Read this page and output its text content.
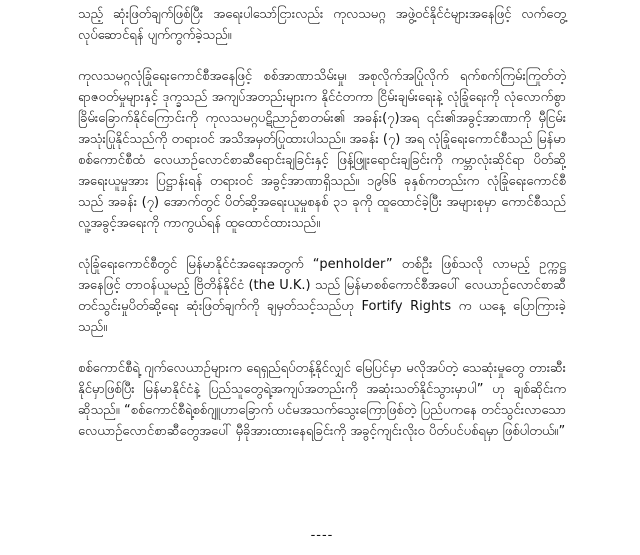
သည့် ဆုံးဖြတ်ချက်ဖြစ်ပြီး အရေးပါသော်ငြားလည်း ကုလသမဂ္ဂ အဖွဲ့ဝင်နိုင်ငံများအနေဖြင့် လက်တွေ့လုပ်ဆောင်ရန် ပျက်ကွက်ခဲ့သည်။

ကုလသမဂ္ဂလုံခြုံရေးကောင်စီအနေဖြင့် စစ်အာဏာသိမ်းမှု၊ အစုလိုက်အပြုံလိုက် ရက်စက်ကြမ်းကြုတ်တဲ့ ရာဇဝတ်မှုများနှင့် ဒုက္ခသည် အကျပ်အတည်းများက နိုင်ငံတကာ ငြိမ်းချမ်းရေးနဲ့ လုံခြုံရေးကို လုံလောက်စွာ ခြိမ်းခြောက်နိုင်ကြောင်းကို ကုလသမဂ္ဂပဋိညာဉ်စာတမ်း၏ အခန်း(၇)အရ ၎င်း၏အခွင့်အာဏာကို မှီငြမ်းအသုံးပြုနိုင်သည်ကို တရားဝင် အသိအမှတ်ပြုထားပါသည်။ အခန်း (၇) အရ လုံခြုံရေးကောင်စီသည် မြန်မာစစ်ကောင်စီထံ လေယာဉ်လောင်စာဆီရောင်းချခြင်းနှင့် ဖြန့်ဖြူးရောင်းချခြင်းကို ကမ္ဘာလုံးဆိုင်ရာ ပိတ်ဆို့အရေးယူမှုအား ပြဋ္ဌာန်းရန် တရားဝင် အခွင့်အာဏာရှိသည်။ ၁၉၆၆ ခုနှစ်ကတည်းက လုံခြုံရေးကောင်စီသည် အခန်း (၇) အောက်တွင် ပိတ်ဆို့အရေးယူမှုစနစ် ၃၁ ခုကို ထူထောင်ခဲ့ပြီး အများစုမှာ ကောင်စီသည် လူ့အခွင့်အရေးကို ကာကွယ်ရန် ထူထောင်ထားသည်။

လုံခြုံရေးကောင်စီတွင် မြန်မာနိုင်ငံအရေးအတွက် “penholder” တစ်ဦး ဖြစ်သလို လာမည့် ဥက္ကဋ္ဌအနေဖြင့် တာဝန်ယူမည့် ဗြိတိန်နိုင်ငံ (the U.K.) သည် မြန်မာစစ်ကောင်စီအပေါ် လေယာဉ်လောင်စာဆီတင်သွင်းမှုပိတ်ဆို့ရေး ဆုံးဖြတ်ချက်ကို ချမှတ်သင့်သည်ဟု Fortify Rights က ယနေ့ ပြောကြားခဲ့သည်။

စစ်ကောင်စီရဲ့ ဂျက်လေယာဉ်များက ရေရှည်ရပ်တန့်နိုင်လျှင် မြေပြင်မှာ မလိုအပ်တဲ့ သေဆုံးမှုတွေ တားဆီးနိုင်မှာဖြစ်ပြီး မြန်မာနိုင်ငံနဲ့ ပြည်သူတွေရဲ့အကျပ်အတည်းကို အဆုံးသတ်နိုင်သွားမှာပါ” ဟု ချစ်ဆိုင်းက ဆိုသည်။ “စစ်ကောင်စီရဲ့စစ်ဂျူဟာခြောက် ပင်မအသက်သွေးကြောဖြစ်တဲ့ ပြည်ပကနေ တင်သွင်းလာသော လေယာဉ်လောင်စာဆီတွေအပေါ် မှီခိုအားထားနေရခြင်းကို အခွင့်ကျင်းလိုးဝ ပိတ်ပင်ပစ်ရမှာ ဖြစ်ပါတယ်။”

----
